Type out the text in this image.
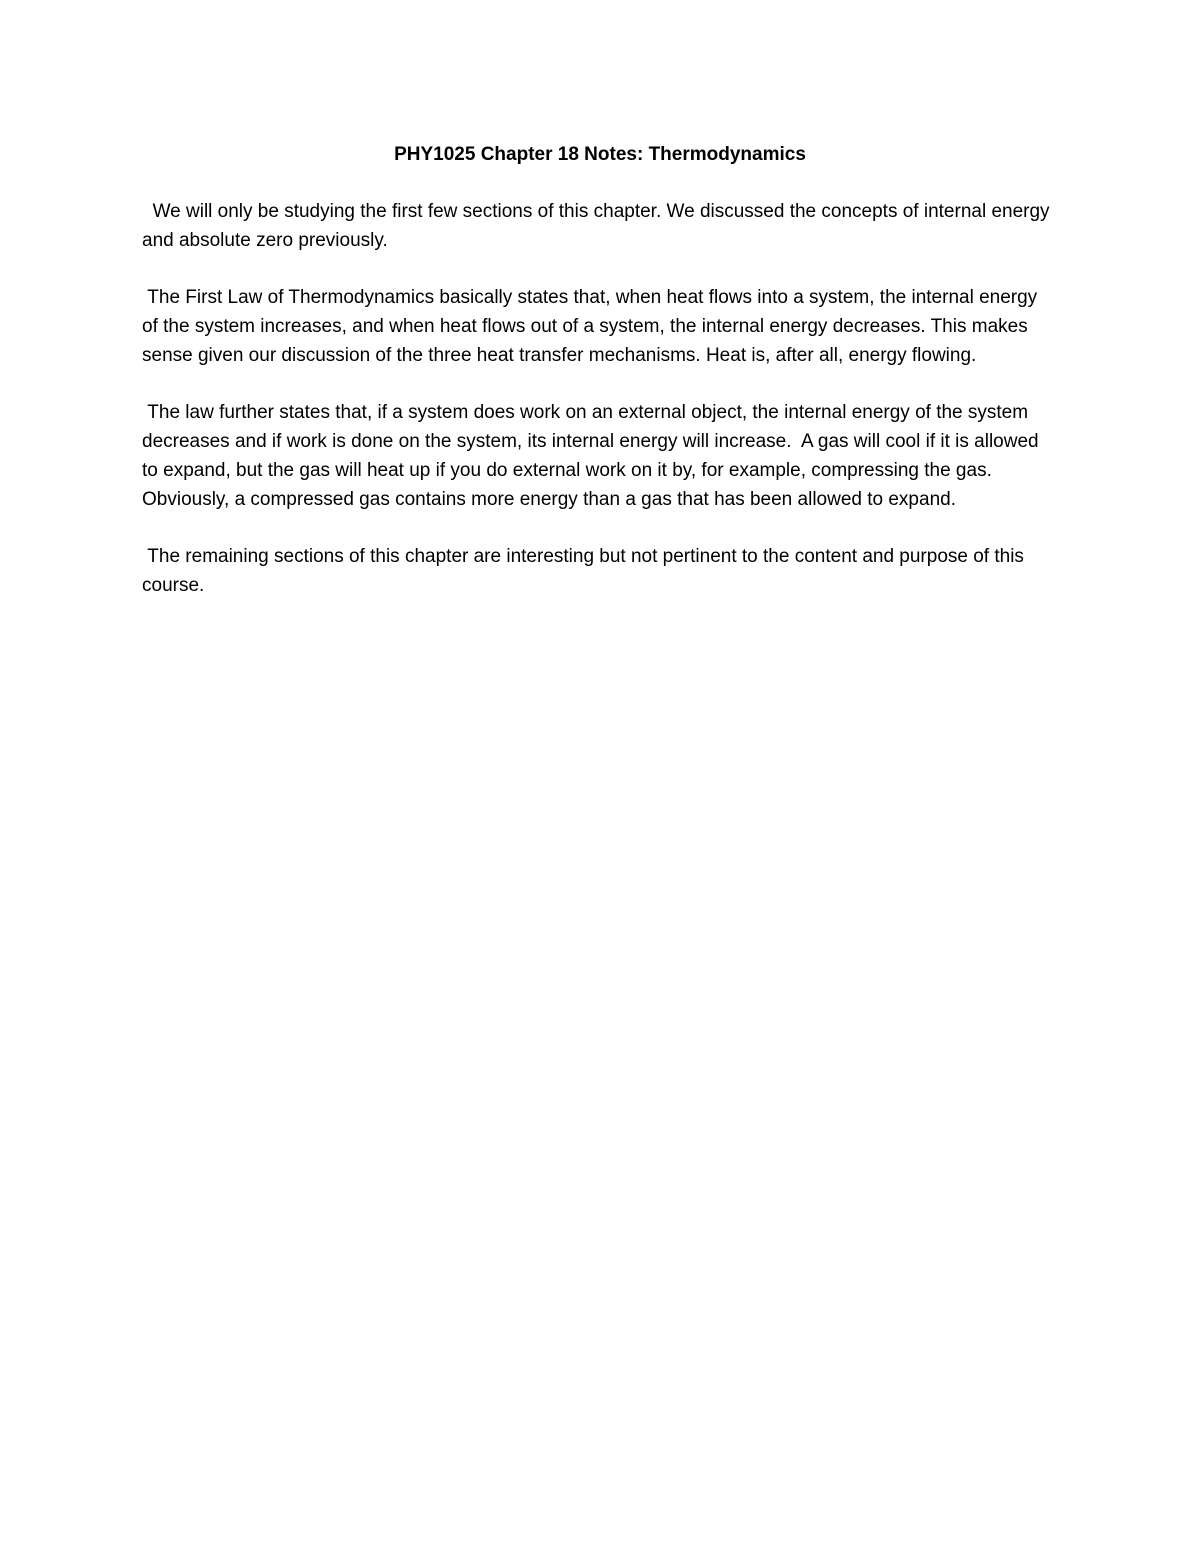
PHY1025 Chapter 18 Notes: Thermodynamics

We will only be studying the first few sections of this chapter. We discussed the concepts of internal energy and absolute zero previously.

The First Law of Thermodynamics basically states that, when heat flows into a system, the internal energy of the system increases, and when heat flows out of a system, the internal energy decreases. This makes sense given our discussion of the three heat transfer mechanisms. Heat is, after all, energy flowing.

The law further states that, if a system does work on an external object, the internal energy of the system decreases and if work is done on the system, its internal energy will increase.  A gas will cool if it is allowed to expand, but the gas will heat up if you do external work on it by, for example, compressing the gas. Obviously, a compressed gas contains more energy than a gas that has been allowed to expand.

The remaining sections of this chapter are interesting but not pertinent to the content and purpose of this course.
